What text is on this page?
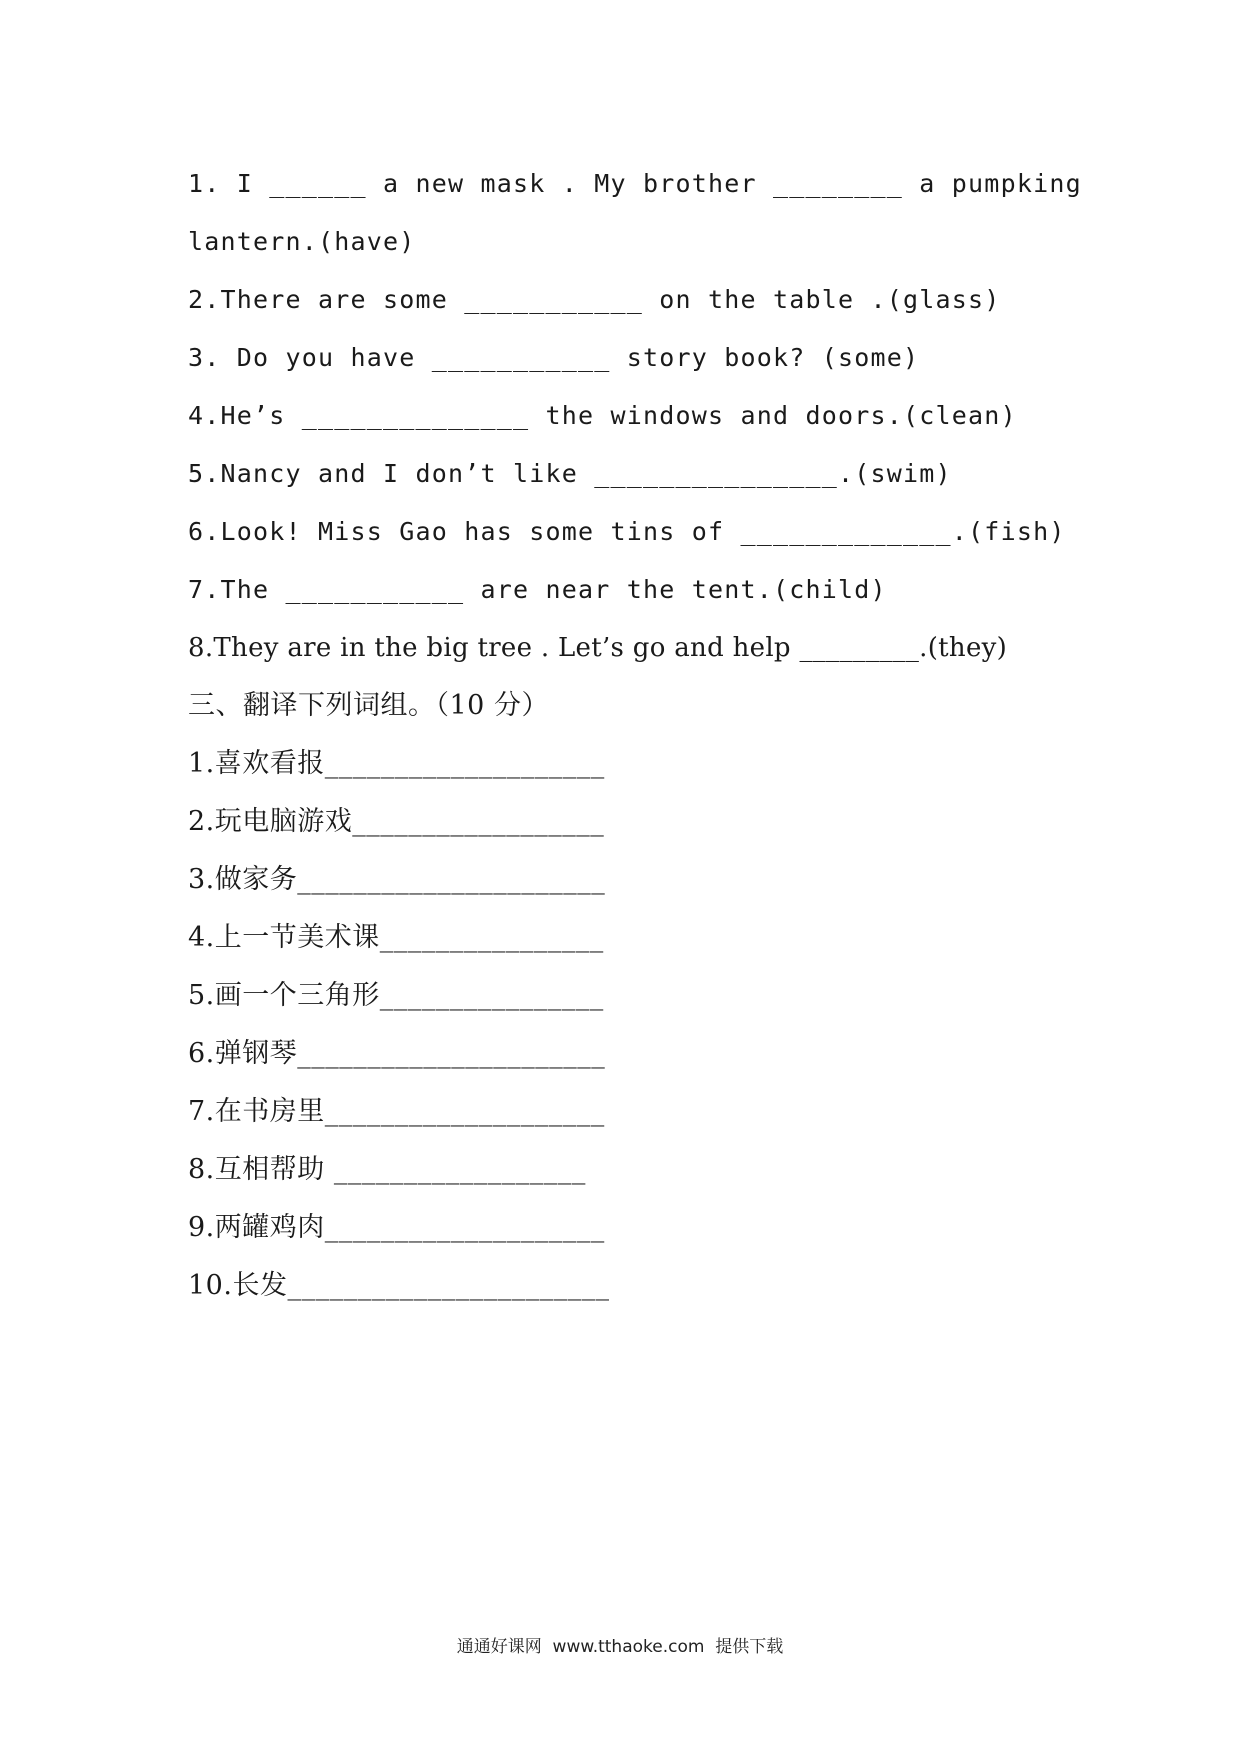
1. I ______ a new mask . My brother ________ a pumpking
lantern.(have)
2.There are some ___________ on the table .(glass)
3. Do you have ___________ story book? (some)
4.He’s ______________ the windows and doors.(clean)
5.Nancy and I don’t like _______________.(swim)
6.Look! Miss Gao has some tins of _____________.(fish)
7.The ___________ are near the tent.(child)
8.They are in the big tree . Let’s go and help _________.(they)
三、翻译下列词组。（10 分）
1.喜欢看报____________________
2.玩电脑游戏__________________
3.做家务______________________
4.上一节美术课________________
5.画一个三角形________________
6.弹钢琴______________________
7.在书房里____________________
8.互相帮助 __________________
9.两罐鸡肉____________________
10.长发_______________________
通通好课网  www.tthaoke.com  提供下载
